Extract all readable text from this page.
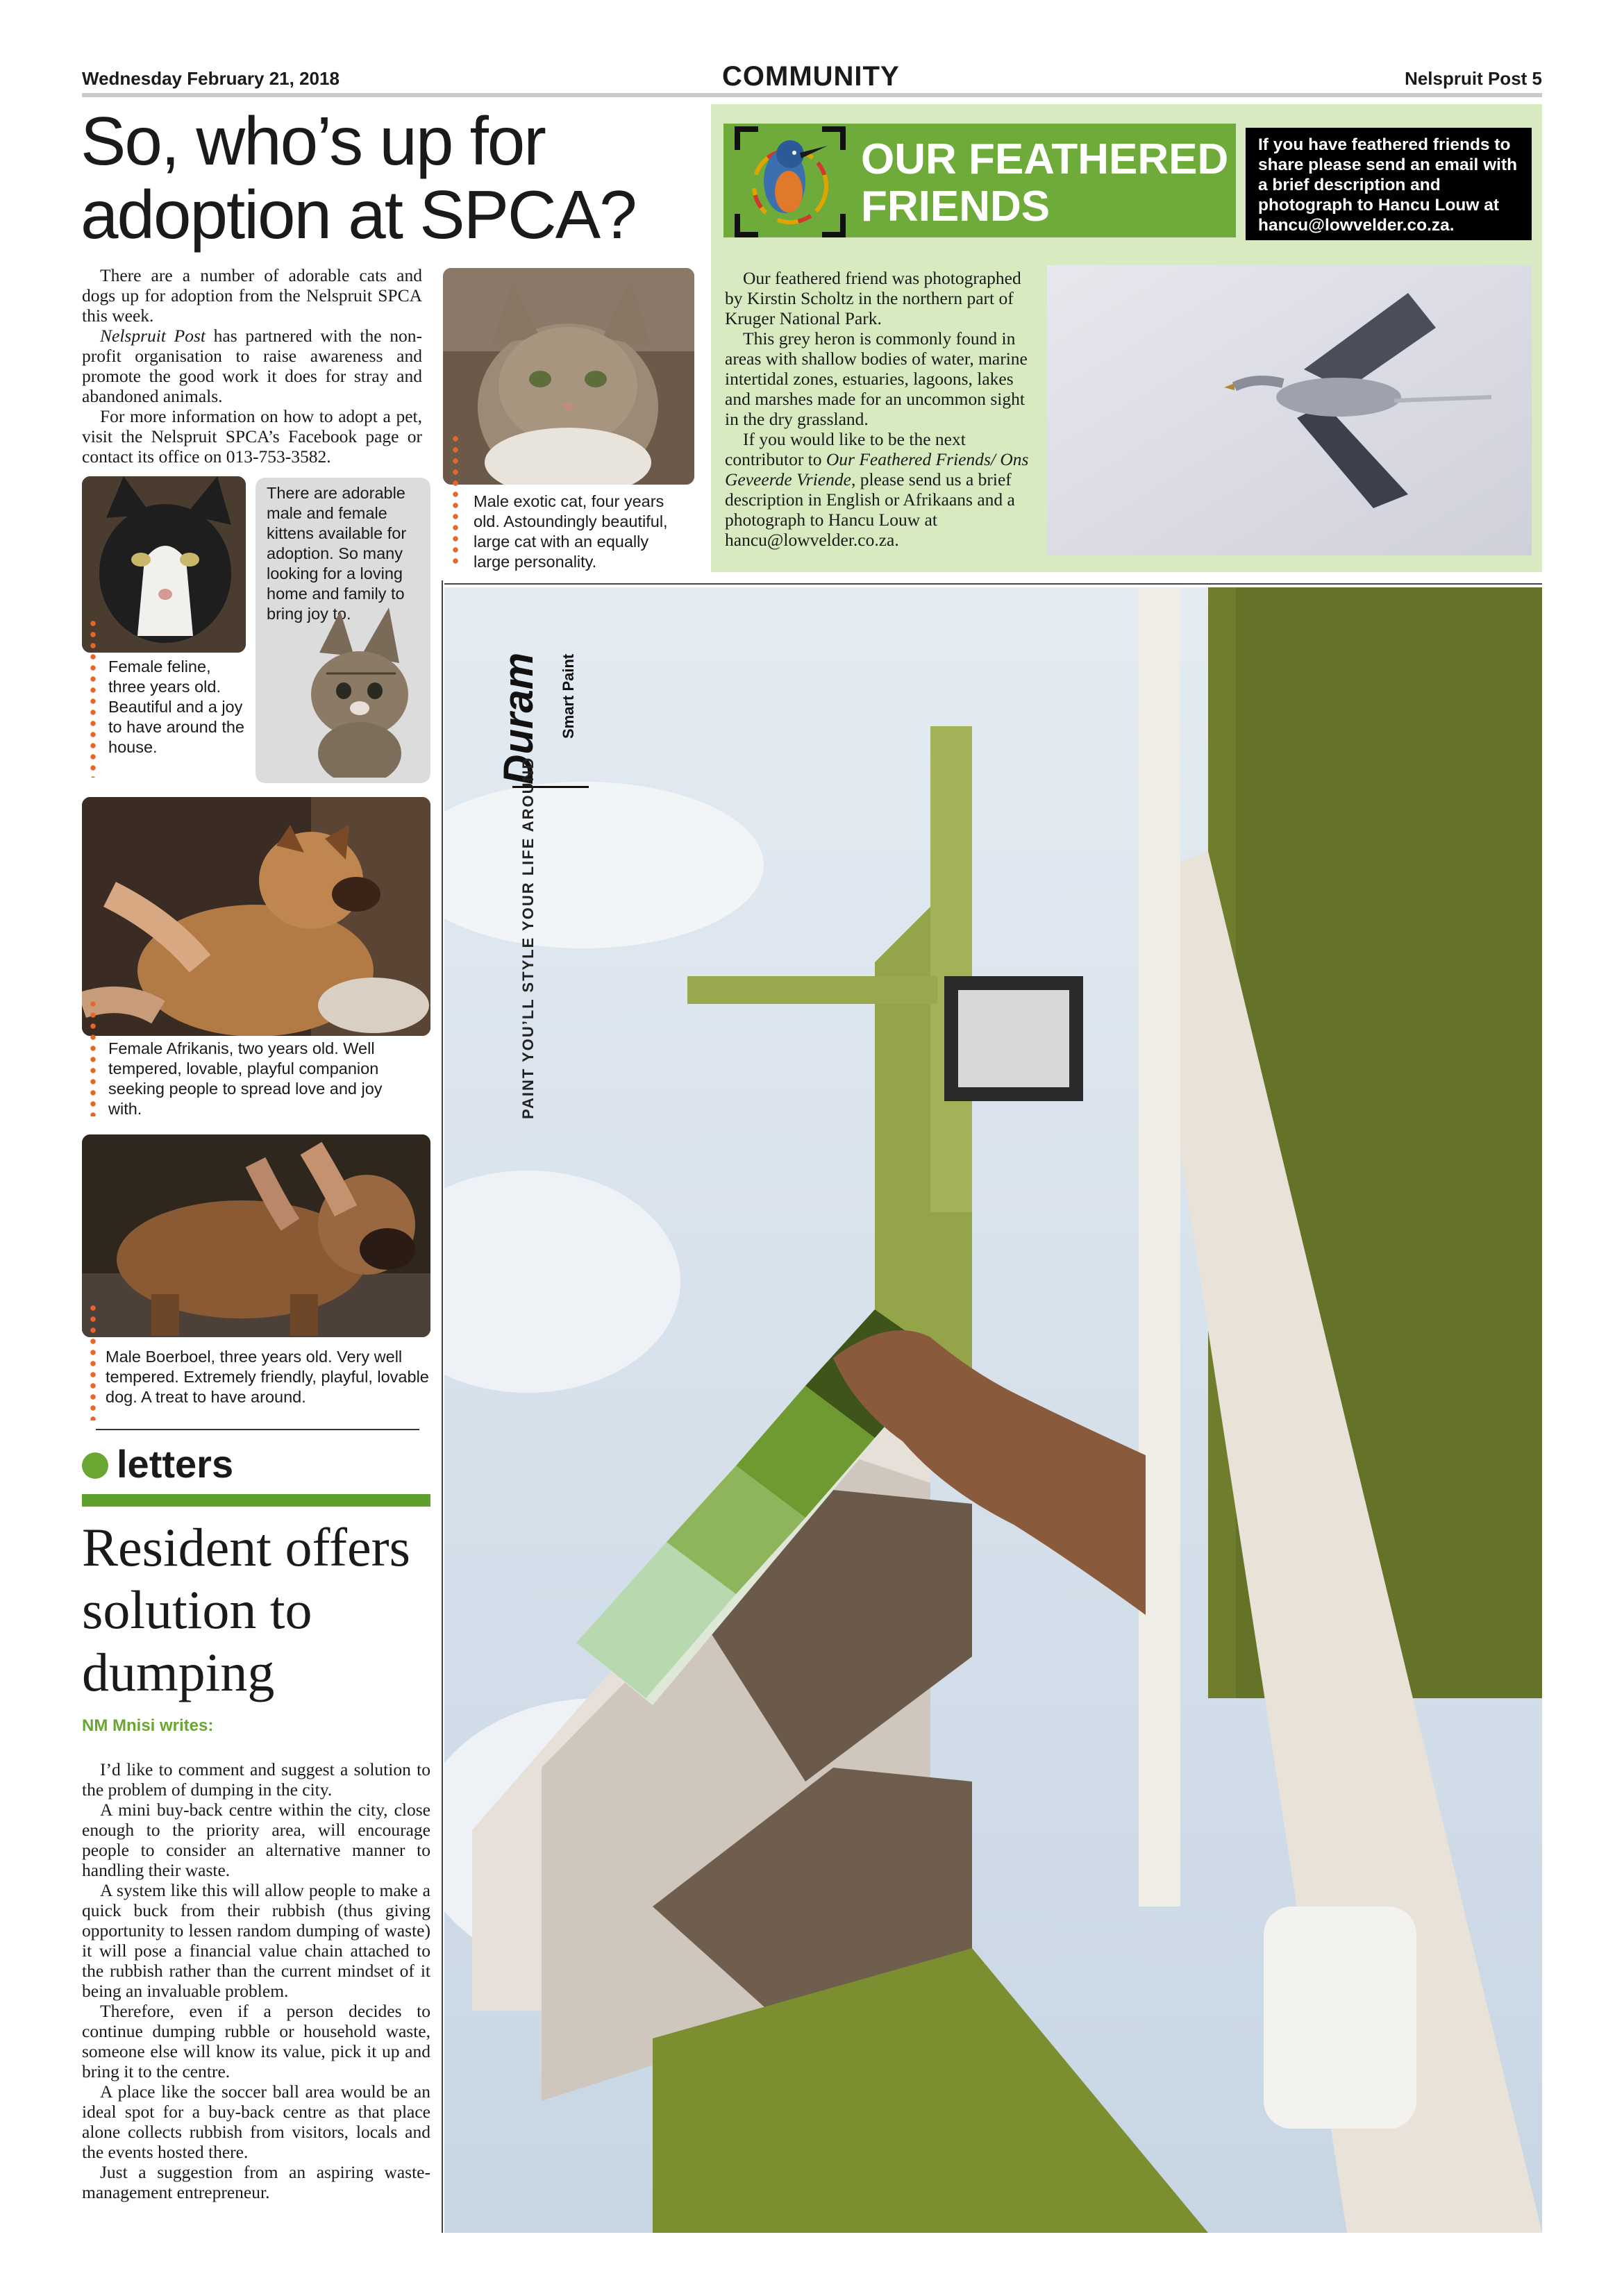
Wednesday February 21, 2018	COMMUNITY	Nelspruit Post 5
So, who’s up for
adoption at SPCA?

There are a number of adorable cats and dogs up for adoption from the Nelspruit SPCA this week.

Nelspruit Post has partnered with the non-profit organisation to raise awareness and promote the good work it does for stray and abandoned animals.

For more information on how to adopt a pet, visit the Nelspruit SPCA’s Facebook page or contact its office on 013-753-3582.

Male exotic cat, four years old. Astoundingly beautiful, large cat with an equally large personality.
Female feline, three years old. Beautiful and a joy to have around the house.
There are adorable male and female kittens available for adoption. So many looking for a loving home and family to bring joy to.
Female Afrikanis, two years old. Well tempered, lovable, playful companion seeking people to spread love and joy with.
Male Boerboel, three years old. Very well tempered. Extremely friendly, playful, lovable dog. A treat to have around.
letters
Resident offers solution to dumping
NM Mnisi writes:

I’d like to comment and suggest a solution to the problem of dumping in the city.

A mini buy-back centre within the city, close enough to the priority area, will encourage people to consider an alternative manner to handling their waste.

A system like this will allow people to make a quick buck from their rubbish (thus giving opportunity to lessen random dumping of waste) it will pose a financial value chain attached to the rubbish rather than the current mindset of it being an invaluable problem.

Therefore, even if a person decides to continue dumping rubble or household waste, someone else will know its value, pick it up and bring it to the centre.

A place like the soccer ball area would be an ideal spot for a buy-back centre as that place alone collects rubbish from visitors, locals and the events hosted there.

Just a suggestion from an aspiring waste-management entrepreneur.

OUR FEATHERED FRIENDS
If you have feathered friends to share please send an email with a brief description and photograph to Hancu Louw at hancu@lowvelder.co.za.

Our feathered friend was photographed by Kirstin Scholtz in the northern part of Kruger National Park.

This grey heron is commonly found in areas with shallow bodies of water, marine intertidal zones, estuaries, lagoons, lakes and marshes made for an uncommon sight in the dry grassland.

If you would like to be the next contributor to Our Feathered Friends/ Ons Geveerde Vriende, please send us a brief description in English or Afrikaans and a photograph to Hancu Louw at hancu@lowvelder.co.za.

Duram Smart Paint
PAINT YOU’LL STYLE YOUR LIFE AROUND
